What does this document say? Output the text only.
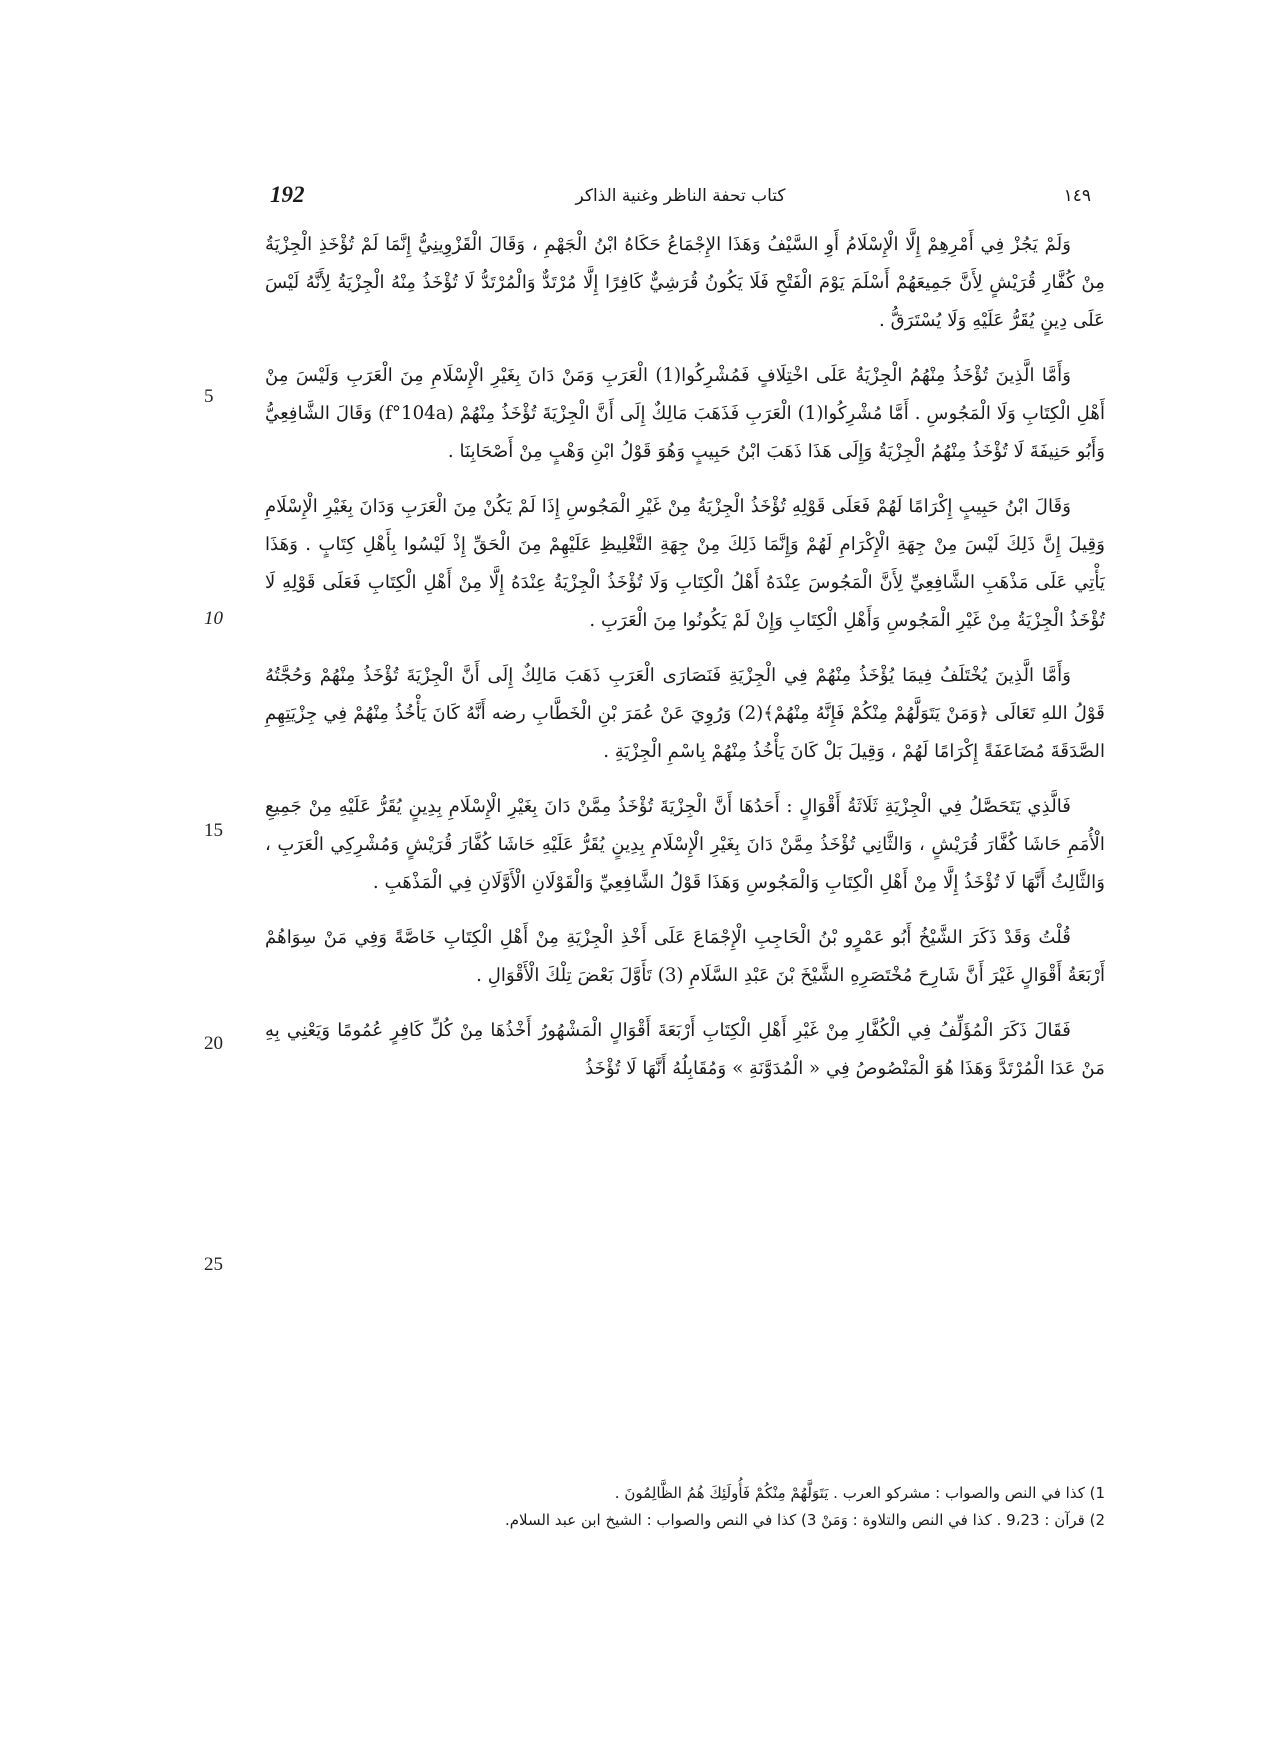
192	كتاب تحفة الناظر وغنية الذاكر	١٤٩

وَلَمْ يَجُزْ فِي أَمْرِهِمْ إِلَّا الْإِسْلَامُ أَوِ السَّيْفُ وَهَذَا الإِجْمَاعُ حَكَاهُ ابْنُ الْجَهْمِ ، وَقَالَ الْقَزْوِينِيُّ إِنَّمَا لَمْ تُؤْخَذِ الْجِزْيَةُ مِنْ كُفَّارِ قُرَيْشٍ لِأَنَّ جَمِيعَهُمْ أَسْلَمَ يَوْمَ الْفَتْحِ فَلَا يَكُونُ قُرَشِيٌّ كَافِرًا إِلَّا مُرْتَدٌّ وَالْمُرْتَدُّ لَا تُؤْخَذُ مِنْهُ الْجِزْيَةُ لِأَنَّهُ لَيْسَ عَلَى دِينٍ يُقَرُّ عَلَيْهِ وَلَا يُسْتَرَقُّ .

وَأَمَّا الَّذِينَ تُؤْخَذُ مِنْهُمُ الْجِزْيَةُ عَلَى اخْتِلَافٍ فَمُشْرِكُوا(1) الْعَرَبِ وَمَنْ دَانَ بِغَيْرِ الْإِسْلَامِ مِنَ الْعَرَبِ وَلَيْسَ مِنْ أَهْلِ الْكِتَابِ وَلَا الْمَجُوسِ . أَمَّا مُشْرِكُوا(1) الْعَرَبِ فَذَهَبَ مَالِكٌ إِلَى أَنَّ الْجِزْيَةَ تُؤْخَذُ مِنْهُمْ (f°104a) وَقَالَ الشَّافِعِيُّ وَأَبُو حَنِيفَةَ لَا تُؤْخَذُ مِنْهُمُ الْجِزْيَةُ وَإِلَى هَذَا ذَهَبَ ابْنُ حَبِيبٍ وَهُوَ قَوْلُ ابْنِ وَهْبٍ مِنْ أَصْحَابِنَا .

وَقَالَ ابْنُ حَبِيبٍ إِكْرَامًا لَهُمْ فَعَلَى قَوْلِهِ تُؤْخَذُ الْجِزْيَةُ مِنْ غَيْرِ الْمَجُوسِ إِذَا لَمْ يَكُنْ مِنَ الْعَرَبِ وَدَانَ بِغَيْرِ الْإِسْلَامِ وَقِيلَ إِنَّ ذَلِكَ لَيْسَ مِنْ جِهَةِ الْإِكْرَامِ لَهُمْ وَإِنَّمَا ذَلِكَ مِنْ جِهَةِ التَّغْلِيظِ عَلَيْهِمْ مِنَ الْحَقِّ إِذْ لَيْسُوا بِأَهْلِ كِتَابٍ . وَهَذَا يَأْتِي عَلَى مَذْهَبِ الشَّافِعِيِّ لِأَنَّ الْمَجُوسَ عِنْدَهُ أَهْلُ الْكِتَابِ وَلَا تُؤْخَذُ الْجِزْيَةُ عِنْدَهُ إِلَّا مِنْ أَهْلِ الْكِتَابِ فَعَلَى قَوْلِهِ لَا تُؤْخَذُ الْجِزْيَةُ مِنْ غَيْرِ الْمَجُوسِ وَأَهْلِ الْكِتَابِ وَإِنْ لَمْ يَكُونُوا مِنَ الْعَرَبِ .

وَأَمَّا الَّذِينَ يُخْتَلَفُ فِيمَا يُؤْخَذُ مِنْهُمْ فِي الْجِزْيَةِ فَنَصَارَى الْعَرَبِ ذَهَبَ مَالِكٌ إِلَى أَنَّ الْجِزْيَةَ تُؤْخَذُ مِنْهُمْ وَحُجَّتُهُ قَوْلُ اللهِ تَعَالَى ﴿وَمَنْ يَتَوَلَّهُمْ مِنْكُمْ فَإِنَّهُ مِنْهُمْ﴾(2) وَرُوِيَ عَنْ عُمَرَ بْنِ الْخَطَّابِ رضه أَنَّهُ كَانَ يَأْخُذُ مِنْهُمْ فِي جِزْيَتِهِمِ الصَّدَقَةَ مُضَاعَفَةً إِكْرَامًا لَهُمْ ، وَقِيلَ بَلْ كَانَ يَأْخُذُ مِنْهُمْ بِاسْمِ الْجِزْيَةِ .

فَالَّذِي يَتَحَصَّلُ فِي الْجِزْيَةِ ثَلَاثَةُ أَقْوَالٍ : أَحَدُهَا أَنَّ الْجِزْيَةَ تُؤْخَذُ مِمَّنْ دَانَ بِغَيْرِ الْإِسْلَامِ بِدِينٍ يُقَرُّ عَلَيْهِ مِنْ جَمِيعِ الْأُمَمِ حَاشَا كُفَّارَ قُرَيْشٍ ، وَالثَّانِي تُؤْخَذُ مِمَّنْ دَانَ بِغَيْرِ الْإِسْلَامِ بِدِينٍ يُقَرُّ عَلَيْهِ حَاشَا كُفَّارَ قُرَيْشٍ وَمُشْرِكِي الْعَرَبِ ، وَالثَّالِثُ أَنَّهَا لَا تُؤْخَذُ إِلَّا مِنْ أَهْلِ الْكِتَابِ وَالْمَجُوسِ وَهَذَا قَوْلُ الشَّافِعِيِّ وَالْقَوْلَانِ الْأَوَّلَانِ فِي الْمَذْهَبِ .

قُلْتُ وَقَدْ ذَكَرَ الشَّيْخُ أَبُو عَمْرٍو بْنُ الْحَاجِبِ الْإِجْمَاعَ عَلَى أَخْذِ الْجِزْيَةِ مِنْ أَهْلِ الْكِتَابِ خَاصَّةً وَفِي مَنْ سِوَاهُمْ أَرْبَعَةُ أَقْوَالٍ غَيْرَ أَنَّ شَارِحَ مُخْتَصَرِهِ الشَّيْخَ بْنَ عَبْدِ السَّلَامِ (3) تَأَوَّلَ بَعْضَ تِلْكَ الْأَقْوَالِ .

فَقَالَ ذَكَرَ الْمُؤَلِّفُ فِي الْكُفَّارِ مِنْ غَيْرِ أَهْلِ الْكِتَابِ أَرْبَعَةَ أَقْوَالٍ الْمَشْهُورُ أَخْذُهَا مِنْ كُلِّ كَافِرٍ عُمُومًا وَيَعْنِي بِهِ مَنْ عَدَا الْمُرْتَدَّ وَهَذَا هُوَ الْمَنْصُوصُ فِي « الْمُدَوَّنَةِ » وَمُقَابِلُهُ أَنَّهَا لَا تُؤْخَذُ

5
10
15
20
25
1) كذا في النص والصواب : مشركو العرب . يَتَوَلَّهُمْ مِنْكُمْ فَأُولَئِكَ هُمُ الظَّالِمُونَ .
2) قرآن : 9،23 . كذا في النص والتلاوة : وَمَنْ 3) كذا في النص والصواب : الشيخ ابن عبد السلام.
